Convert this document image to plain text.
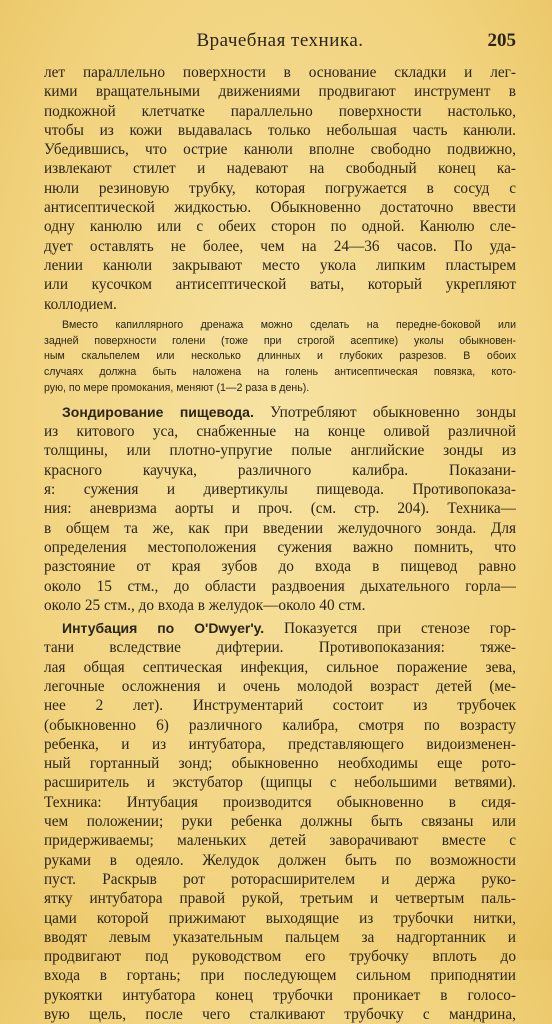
Врачебная техника.	205
лет параллельно поверхности в основание складки и лег-
кими вращательными движениями продвигают инструмент в
подкожной клетчатке параллельно поверхности настолько,
чтобы из кожи выдавалась только небольшая часть канюли.
Убедившись, что острие канюли вполне свободно подвижно,
извлекают стилет и надевают на свободный конец ка-
нюли резиновую трубку, которая погружается в сосуд с
антисептической жидкостью. Обыкновенно достаточно ввести
одну канюлю или с обеих сторон по одной. Канюлю сле-
дует оставлять не более, чем на 24—36 часов. По уда-
лении канюли закрывают место укола липким пластырем
или кусочком антисептической ваты, который укрепляют
коллодием.
Вместо капиллярного дренажа можно сделать на передне-боковой или
задней поверхности голени (тоже при строгой асептике) уколы обыкновен-
ным скальпелем или несколько длинных и глубоких разрезов. В обоих
случаях должна быть наложена на голень антисептическая повязка, кото-
рую, по мере промокания, меняют (1—2 раза в день).
Зондирование пищевода. Употребляют обыкновенно зонды
из китового уса, снабженные на конце оливой различной
толщины, или плотно-упругие полые английские зонды из
красного каучука, различного калибра. Показани-
я: сужения и дивертикулы пищевода. Противопоказа-
ния: аневризма аорты и проч. (см. стр. 204). Техника—
в общем та же, как при введении желудочного зонда. Для
определения местоположения сужения важно помнить, что
разстояние от края зубов до входа в пищевод равно
около 15 стм., до области раздвоения дыхательного горла—
около 25 стм., до входа в желудок—около 40 стм.
Интубация по O'Dwyer'у. Показуется при стенозе гор-
тани вследствие дифтерии. Противопоказания: тяже-
лая общая септическая инфекция, сильное поражение зева,
легочные осложнения и очень молодой возраст детей (ме-
нее 2 лет). Инструментарий состоит из трубочек
(обыкновенно 6) различного калибра, смотря по возрасту
ребенка, и из интубатора, представляющего видоизменен-
ный гортанный зонд; обыкновенно необходимы еще рото-
расширитель и экстубатор (щипцы с небольшими ветвями).
Техника: Интубация производится обыкновенно в сидя-
чем положении; руки ребенка должны быть связаны или
придерживаемы; маленьких детей заворачивают вместе с
руками в одеяло. Желудок должен быть по возможности
пуст. Раскрыв рот роторасширителем и держа руко-
ятку интубатора правой рукой, третьим и четвертым паль-
цами которой прижимают выходящие из трубочки нитки,
вводят левым указательным пальцем за надгортанник и
продвигают под руководством его трубочку вплоть до
входа в гортань; при последующем сильном приподнятии
рукоятки интубатора конец трубочки проникает в голосо-
вую щель, после чего сталкивают трубочку с мандрина,
